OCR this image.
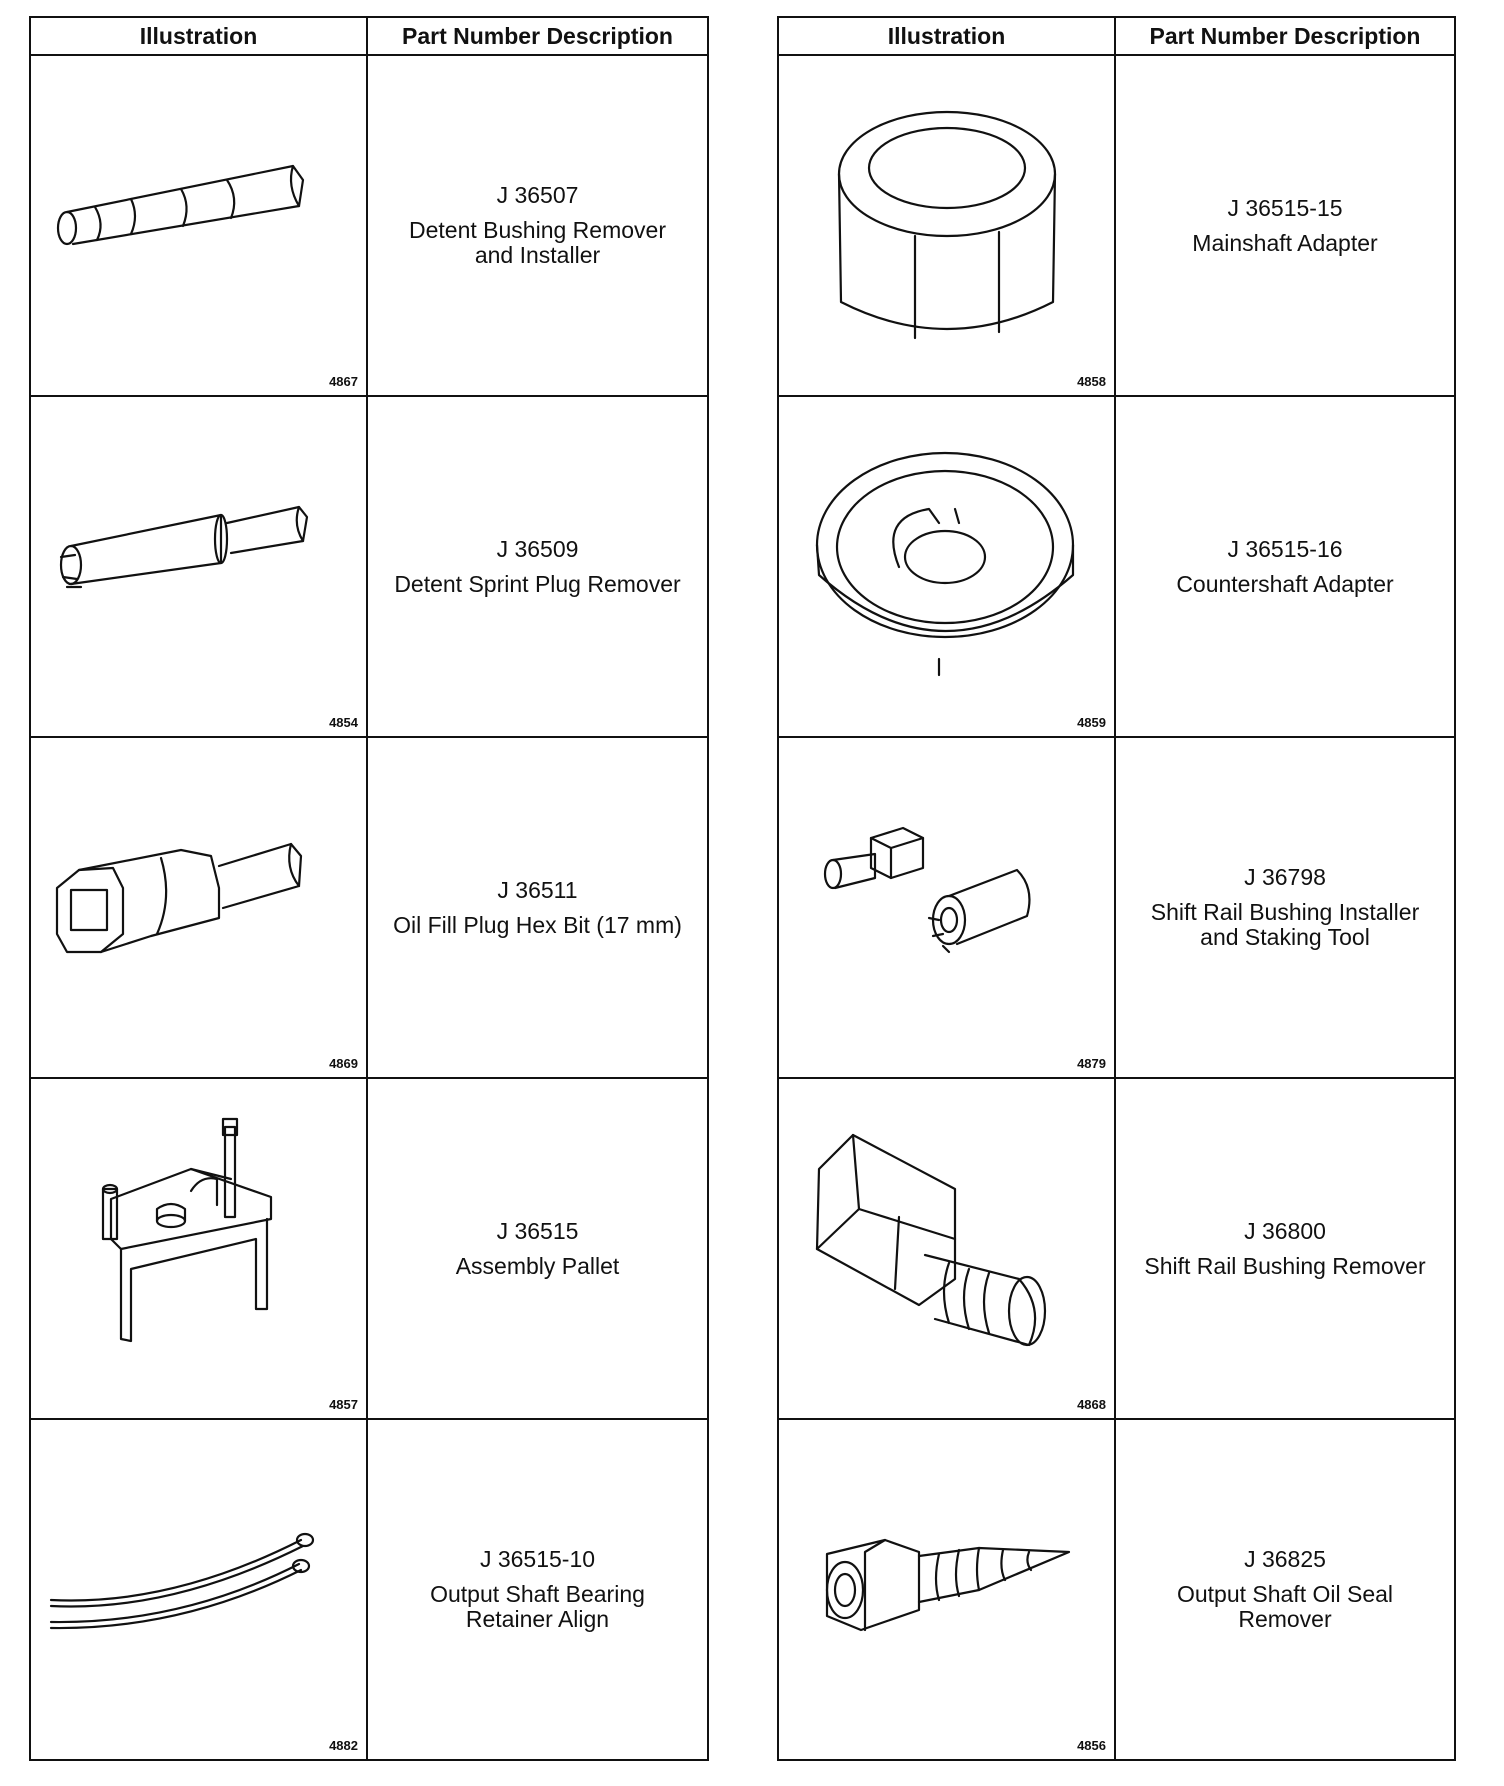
Illustration	Part Number Description
4867
J 36507
Detent Bushing Remover
and Installer
4854
J 36509
Detent Sprint Plug Remover
4869
J 36511
Oil Fill Plug Hex Bit (17 mm)
4857
J 36515
Assembly Pallet
4882
J 36515-10
Output Shaft Bearing
Retainer Align
Illustration	Part Number Description
4858
J 36515-15
Mainshaft Adapter
4859
J 36515-16
Countershaft Adapter
4879
J 36798
Shift Rail Bushing Installer
and Staking Tool
4868
J 36800
Shift Rail Bushing Remover
4856
J 36825
Output Shaft Oil Seal
Remover
